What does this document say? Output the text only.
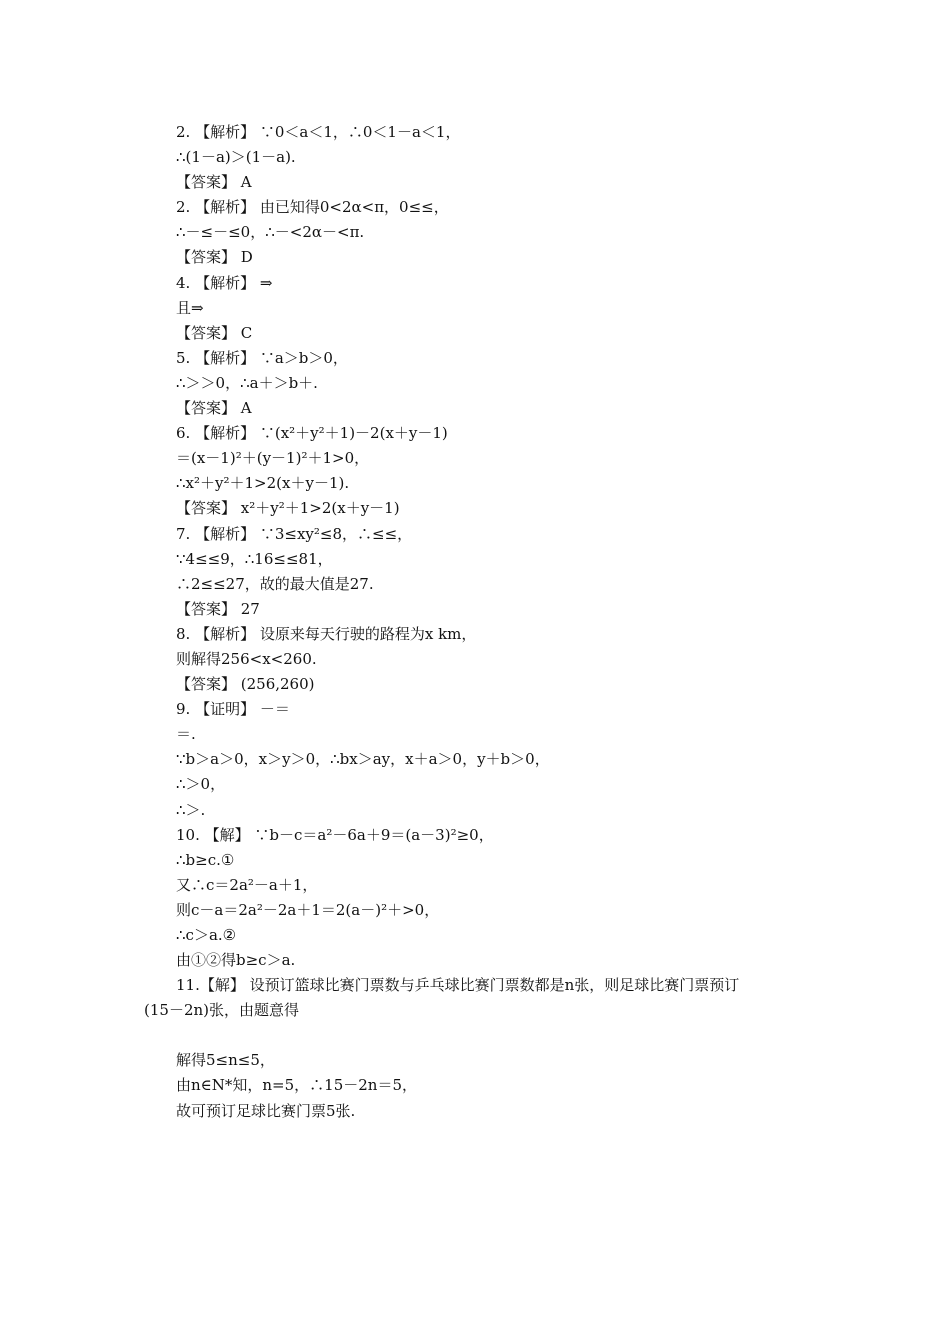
2. 【解析】 ∵0＜a＜1，∴0＜1－a＜1，
∴(1－a)＞(1－a).
【答案】 A
2. 【解析】 由已知得0<2α<π，0≤≤，
∴－≤－≤0，∴－<2α－<π.
【答案】 D
4. 【解析】 ⇒
且⇒
【答案】 C
5. 【解析】 ∵a＞b＞0，
∴＞＞0，∴a＋＞b＋.
【答案】 A
6. 【解析】 ∵(x²＋y²＋1)－2(x＋y－1)
＝(x－1)²＋(y－1)²＋1>0，
∴x²＋y²＋1>2(x＋y－1).
【答案】 x²＋y²＋1>2(x＋y－1)
7. 【解析】 ∵3≤xy²≤8，∴≤≤，
∵4≤≤9，∴16≤≤81，
∴2≤≤27，故的最大值是27.
【答案】 27
8. 【解析】 设原来每天行驶的路程为x km，
则解得256<x<260.
【答案】 (256,260)
9. 【证明】 －＝
＝.
∵b＞a＞0，x＞y＞0，∴bx＞ay，x＋a＞0，y＋b＞0，
∴＞0，
∴＞.
10. 【解】 ∵b－c＝a²－6a＋9＝(a－3)²≥0，
∴b≥c.①
又∴c＝2a²－a＋1，
则c－a＝2a²－2a＋1＝2(a－)²＋>0，
∴c＞a.②
由①②得b≥c＞a.
11.【解】 设预订篮球比赛门票数与乒乓球比赛门票数都是n张，则足球比赛门票预订
(15－2n)张，由题意得
解得5≤n≤5，
由n∈N*知，n=5，∴15－2n＝5，
故可预订足球比赛门票5张.
